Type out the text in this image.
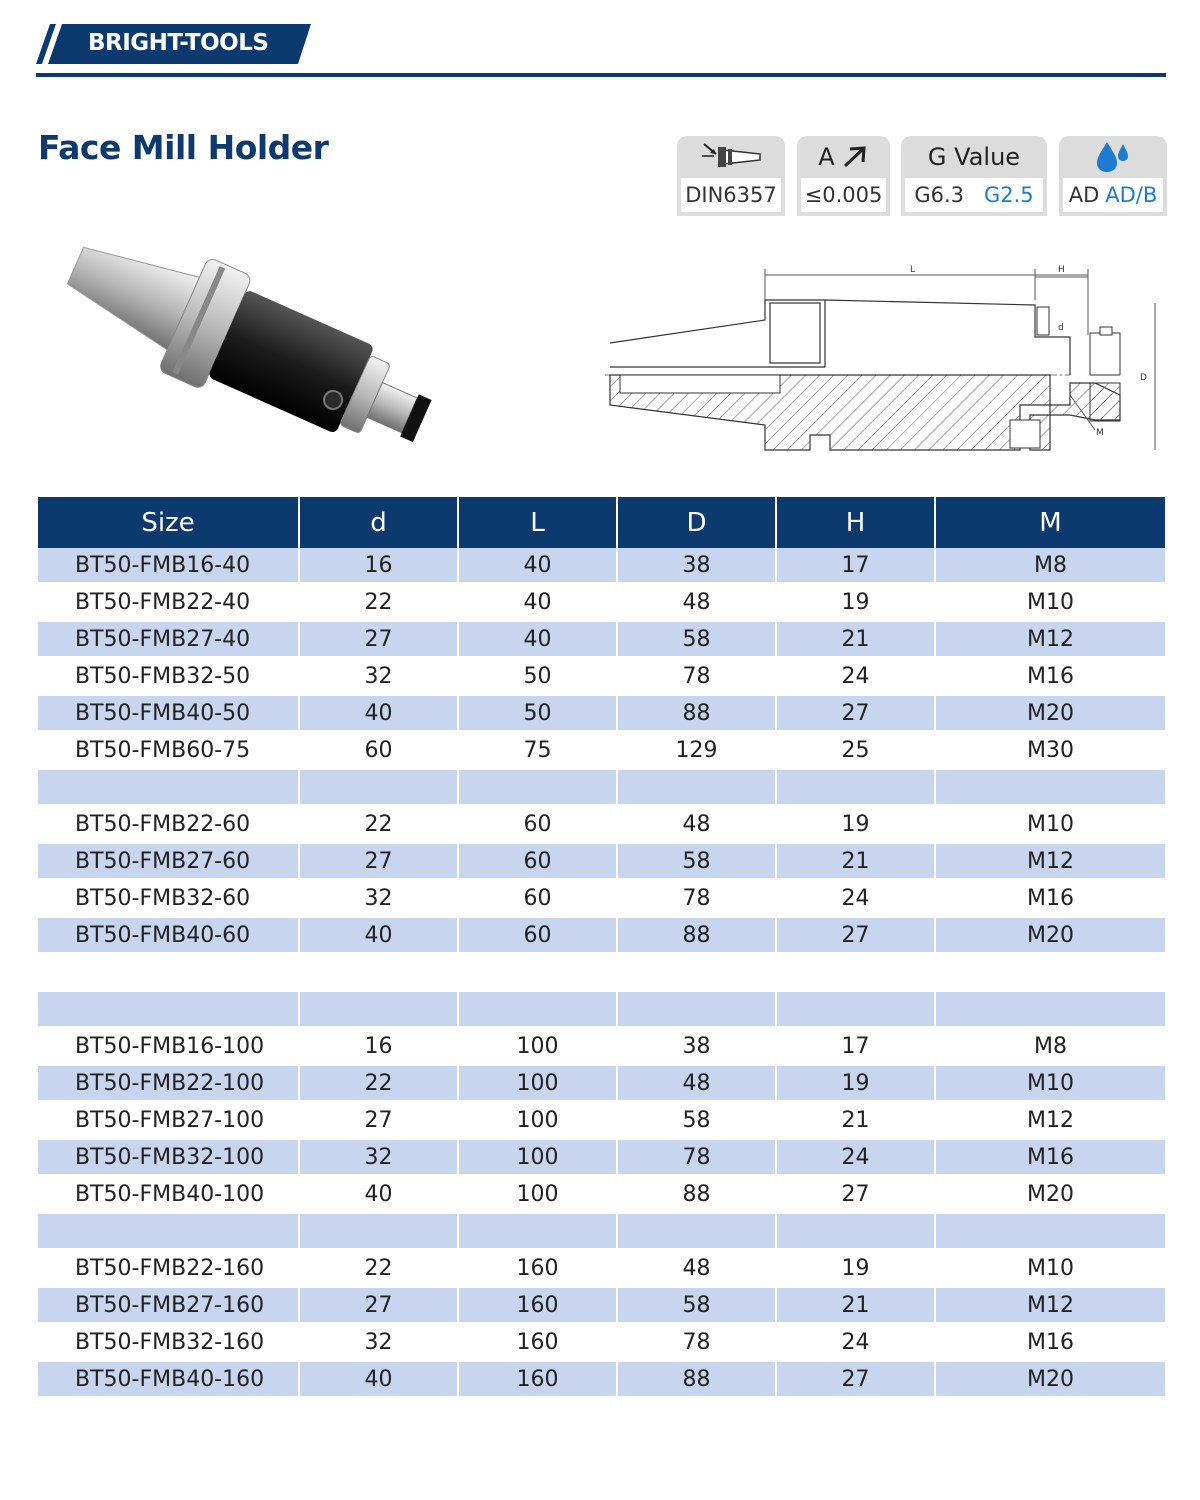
BRIGHT-TOOLS
Face Mill Holder
DIN6357
A
≤0.005
G Value
G6.3 G2.5 AD AD/B
L	H
D
d
M
Size	d	L	D	H	M
BT50-FMB16-40	16	40	38	17	M8
BT50-FMB22-40	22	40	48	19	M10
BT50-FMB27-40	27	40	58	21	M12
BT50-FMB32-50	32	50	78	24	M16
BT50-FMB40-50	40	50	88	27	M20
BT50-FMB60-75	60	75	129	25	M30

BT50-FMB22-60	22	60	48	19	M10
BT50-FMB27-60	27	60	58	21	M12
BT50-FMB32-60	32	60	78	24	M16
BT50-FMB40-60	40	60	88	27	M20

BT50-FMB16-100	16	100	38	17	M8
BT50-FMB22-100	22	100	48	19	M10
BT50-FMB27-100	27	100	58	21	M12
BT50-FMB32-100	32	100	78	24	M16
BT50-FMB40-100	40	100	88	27	M20

BT50-FMB22-160	22	160	48	19	M10
BT50-FMB27-160	27	160	58	21	M12
BT50-FMB32-160	32	160	78	24	M16
BT50-FMB40-160	40	160	88	27	M20
